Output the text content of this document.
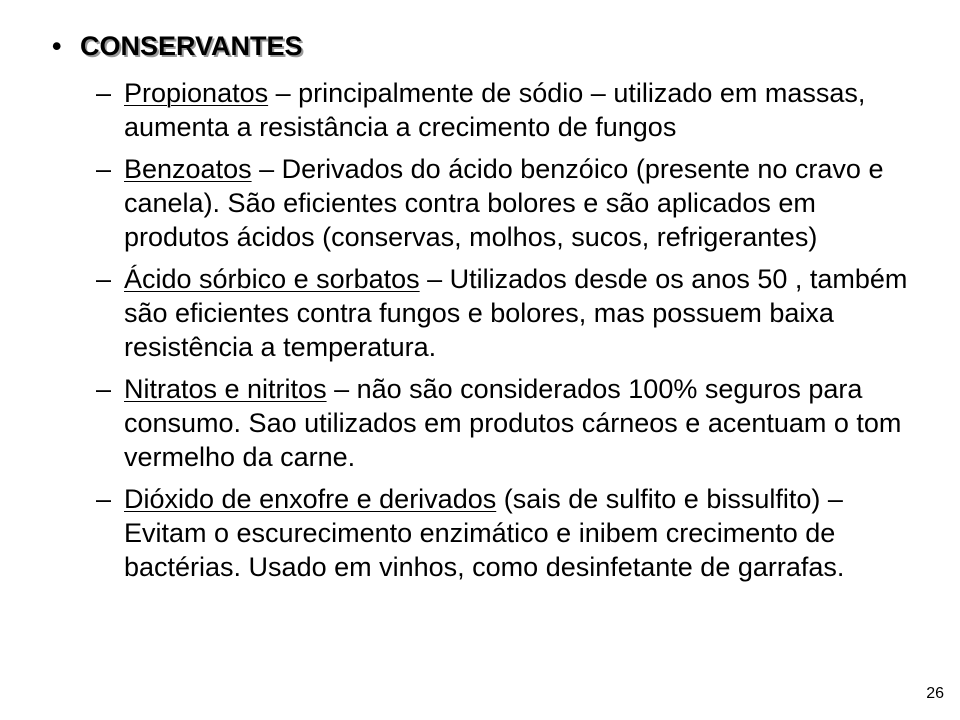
• CONSERVANTES
– Propionatos – principalmente de sódio – utilizado em massas, aumenta a resistância a crecimento de fungos
– Benzoatos – Derivados do ácido benzóico (presente no cravo e canela). São eficientes contra bolores e são aplicados em produtos ácidos (conservas, molhos, sucos, refrigerantes)
– Ácido sórbico e sorbatos – Utilizados desde os anos 50 , também são eficientes contra fungos e bolores, mas possuem baixa resistência a temperatura.
– Nitratos e nitritos – não são considerados 100% seguros para consumo. Sao utilizados em produtos cárneos e acentuam o tom vermelho da carne.
– Dióxido de enxofre e derivados (sais de sulfito e bissulfito) – Evitam o escurecimento enzimático e inibem crecimento de bactérias. Usado em vinhos, como desinfetante de garrafas.
26
